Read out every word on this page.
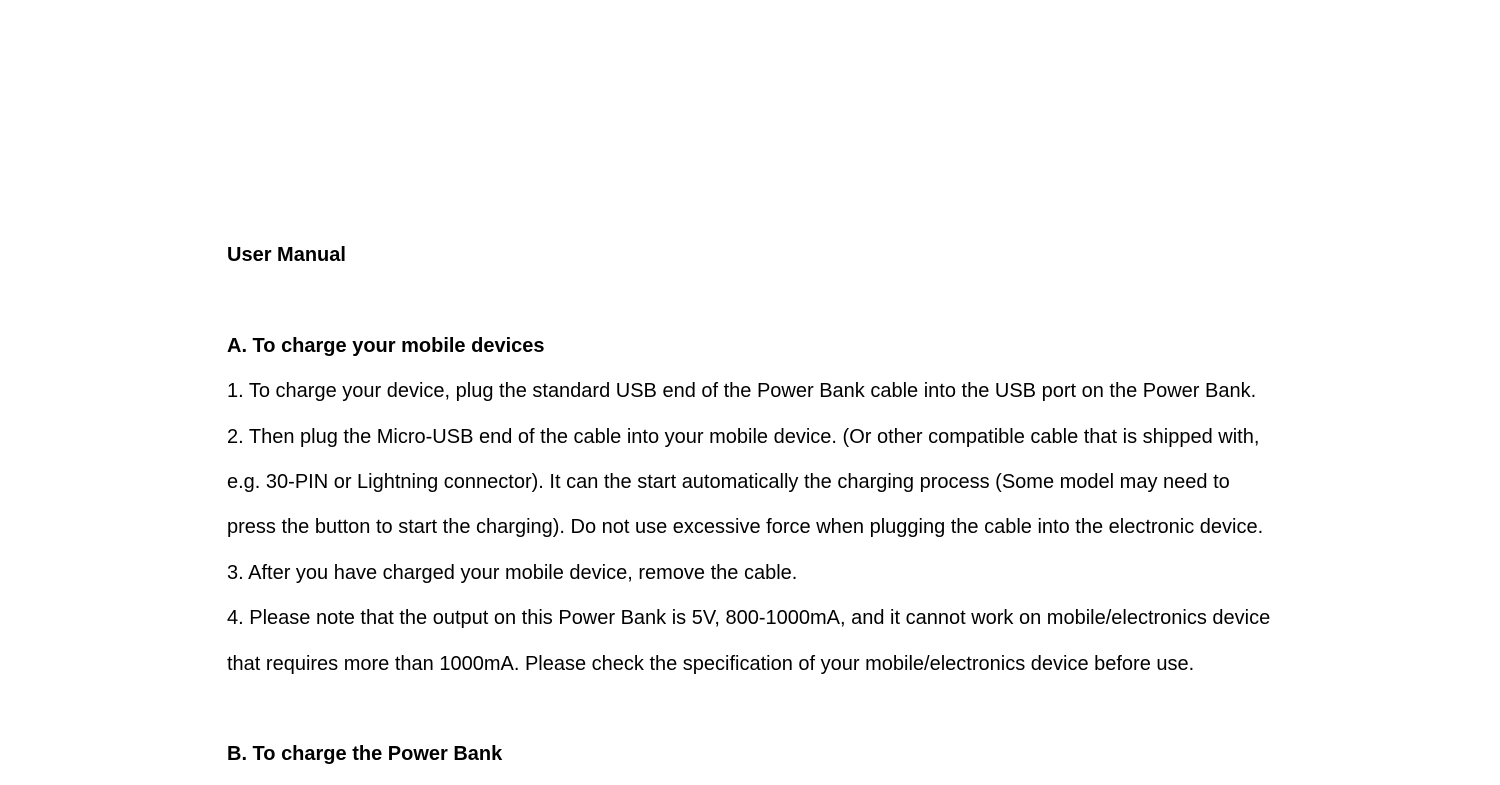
User Manual
A. To charge your mobile devices
1. To charge your device, plug the standard USB end of the Power Bank cable into the USB port on the Power Bank.
2. Then plug the Micro-USB end of the cable into your mobile device. (Or other compatible cable that is shipped with,
e.g. 30-PIN or Lightning connector). It can the start automatically the charging process (Some model may need to
press the button to start the charging). Do not use excessive force when plugging the cable into the electronic device.
3. After you have charged your mobile device, remove the cable.
4. Please note that the output on this Power Bank is 5V, 800-1000mA, and it cannot work on mobile/electronics device
that requires more than 1000mA. Please check the specification of your mobile/electronics device before use.
B. To charge the Power Bank
